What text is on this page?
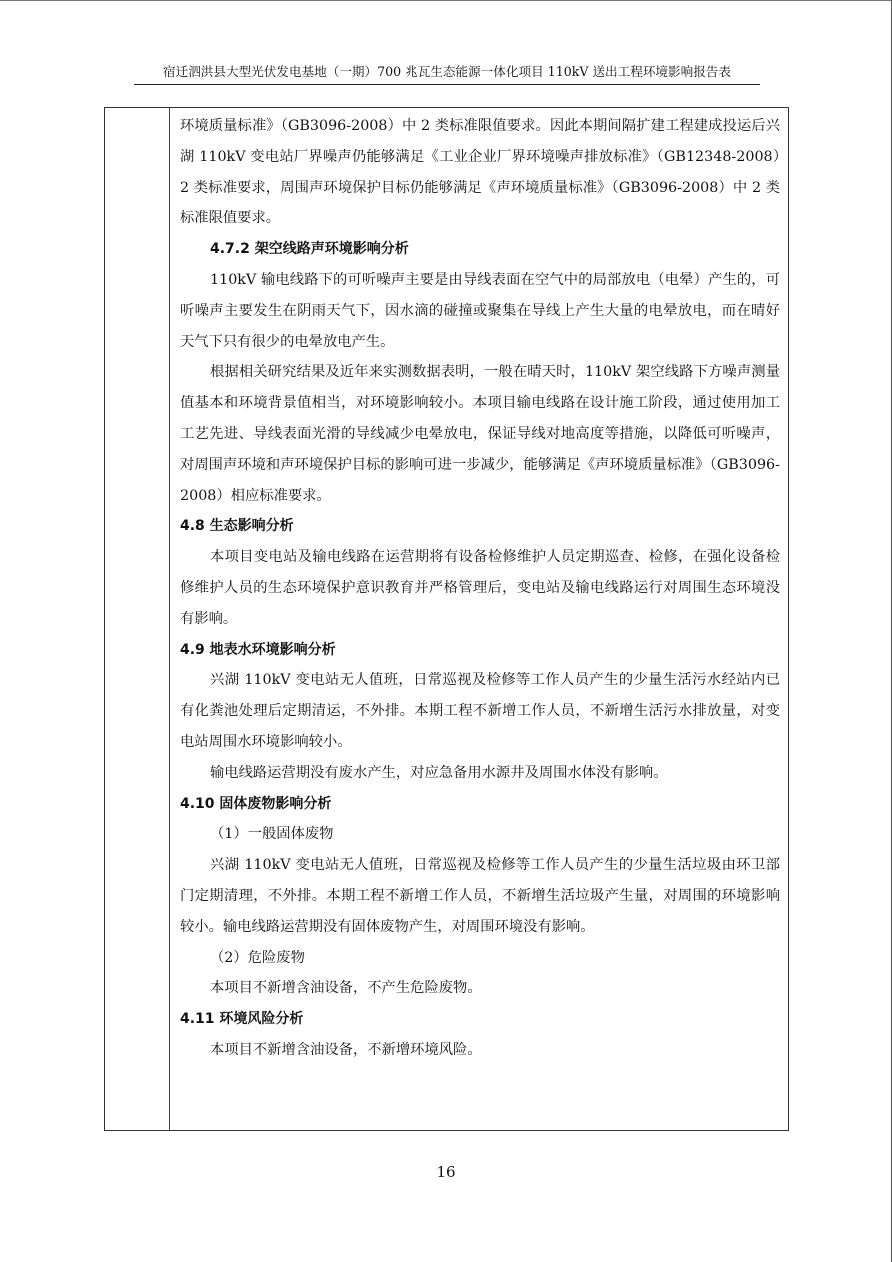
宿迁泗洪县大型光伏发电基地（一期）700 兆瓦生态能源一体化项目 110kV 送出工程环境影响报告表

环境质量标准》（GB3096-2008）中 2 类标准限值要求。因此本期间隔扩建工程建成投运后兴湖 110kV 变电站厂界噪声仍能够满足《工业企业厂界环境噪声排放标准》（GB12348-2008）2 类标准要求，周围声环境保护目标仍能够满足《声环境质量标准》（GB3096-2008）中 2 类标准限值要求。

4.7.2 架空线路声环境影响分析

110kV 输电线路下的可听噪声主要是由导线表面在空气中的局部放电（电晕）产生的，可听噪声主要发生在阴雨天气下，因水滴的碰撞或聚集在导线上产生大量的电晕放电，而在晴好天气下只有很少的电晕放电产生。

根据相关研究结果及近年来实测数据表明，一般在晴天时，110kV 架空线路下方噪声测量值基本和环境背景值相当，对环境影响较小。本项目输电线路在设计施工阶段，通过使用加工工艺先进、导线表面光滑的导线减少电晕放电，保证导线对地高度等措施，以降低可听噪声，对周围声环境和声环境保护目标的影响可进一步减少，能够满足《声环境质量标准》（GB3096-2008）相应标准要求。

4.8 生态影响分析

本项目变电站及输电线路在运营期将有设备检修维护人员定期巡查、检修，在强化设备检修维护人员的生态环境保护意识教育并严格管理后，变电站及输电线路运行对周围生态环境没有影响。

4.9 地表水环境影响分析

兴湖 110kV 变电站无人值班，日常巡视及检修等工作人员产生的少量生活污水经站内已有化粪池处理后定期清运，不外排。本期工程不新增工作人员，不新增生活污水排放量，对变电站周围水环境影响较小。

输电线路运营期没有废水产生，对应急备用水源井及周围水体没有影响。

4.10 固体废物影响分析

（1）一般固体废物

兴湖 110kV 变电站无人值班，日常巡视及检修等工作人员产生的少量生活垃圾由环卫部门定期清理，不外排。本期工程不新增工作人员，不新增生活垃圾产生量，对周围的环境影响较小。输电线路运营期没有固体废物产生，对周围环境没有影响。

（2）危险废物

本项目不新增含油设备，不产生危险废物。

4.11 环境风险分析

本项目不新增含油设备，不新增环境风险。

16
